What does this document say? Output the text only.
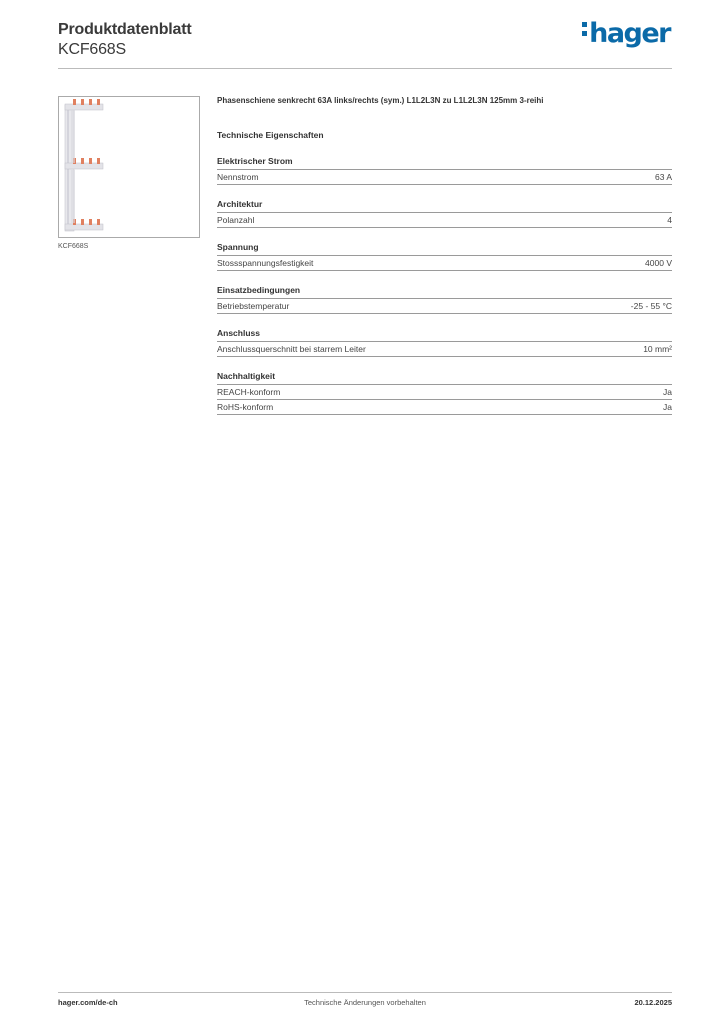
Produktdatenblatt
KCF668S
hager
KCF668S
Phasenschiene senkrecht 63A links/rechts (sym.) L1L2L3N zu L1L2L3N 125mm 3-reihi
Technische Eigenschaften
Elektrischer Strom
Nennstrom	63 A
Architektur
Polanzahl	4
Spannung
Stossspannungsfestigkeit	4000 V
Einsatzbedingungen
Betriebstemperatur	-25 - 55 °C
Anschluss
Anschlussquerschnitt bei starrem Leiter	10 mm²
Nachhaltigkeit
REACH-konform	Ja
RoHS-konform	Ja
hager.com/de-ch	Technische Änderungen vorbehalten	20.12.2025
